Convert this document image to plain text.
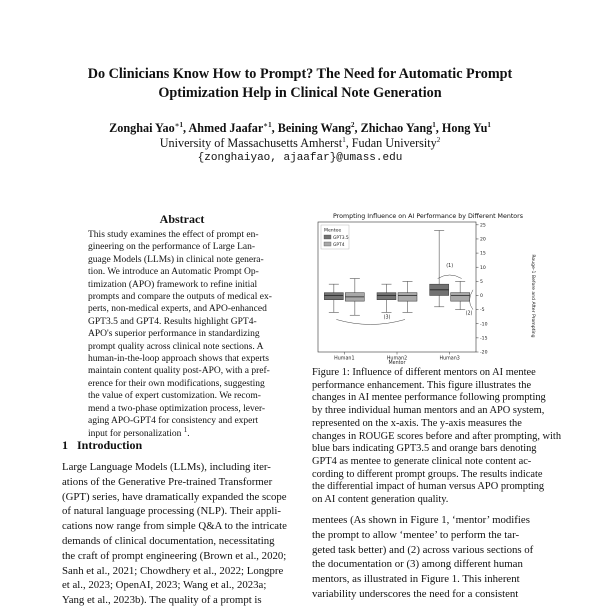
Do Clinicians Know How to Prompt? The Need for Automatic Prompt
Optimization Help in Clinical Note Generation
Zonghai Yao$^{∗1}$, Ahmed Jaafar$^{∗1}$, Beining Wang$^2$, Zhichao Yang$^1$, Hong Yu$^1$
University of Massachusetts Amherst$^1$, Fudan University$^2$
{zonghaiyao, ajaafar}@umass.edu
Abstract
This study examines the effect of prompt en-
gineering on the performance of Large Lan-
guage Models (LLMs) in clinical note genera-
tion. We introduce an Automatic Prompt Op-
timization (APO) framework to refine initial
prompts and compare the outputs of medical ex-
perts, non-medical experts, and APO-enhanced
GPT3.5 and GPT4. Results highlight GPT4-
APO's superior performance in standardizing
prompt quality across clinical note sections. A
human-in-the-loop approach shows that experts
maintain content quality post-APO, with a pref-
erence for their own modifications, suggesting
the value of expert customization. We recom-
mend a two-phase optimization process, lever-
aging APO-GPT4 for consistency and expert
input for personalization $^1$.
1   Introduction
Large Language Models (LLMs), including iter-
ations of the Generative Pre-trained Transformer
(GPT) series, have dramatically expanded the scope
of natural language processing (NLP). Their appli-
cations now range from simple Q&A to the intricate
demands of clinical documentation, necessitating
the craft of prompt engineering (Brown et al., 2020;
Sanh et al., 2021; Chowdhery et al., 2022; Longpre
et al., 2023; OpenAI, 2023; Wang et al., 2023a;
Yang et al., 2023b). The quality of a prompt is
Prompting Influence on AI Performance by Different Mentors
-20
-15
-10
-5
0
5
10
15
20
25
Human1	Human2	Human3
Mentee
GPT3.5
GPT4
(3)
(1)
(2)
Mentor
Rouge-1 Before and After Prompting
Figure 1: Influence of different mentors on AI mentee
performance enhancement. This figure illustrates the
changes in AI mentee performance following prompting
by three individual human mentors and an APO system,
represented on the x-axis. The y-axis measures the
changes in ROUGE scores before and after prompting, with
blue bars indicating GPT3.5 and orange bars denoting
GPT4 as mentee to generate clinical note content ac-
cording to different prompt groups. The results indicate
the differential impact of human versus APO prompting
on AI content generation quality.
mentees (As shown in Figure 1, ‘mentor’ modifies
the prompt to allow ‘mentee’ to perform the tar-
geted task better) and (2) across various sections of
the documentation or (3) among different human
mentors, as illustrated in Figure 1. This inherent
variability underscores the need for a consistent
